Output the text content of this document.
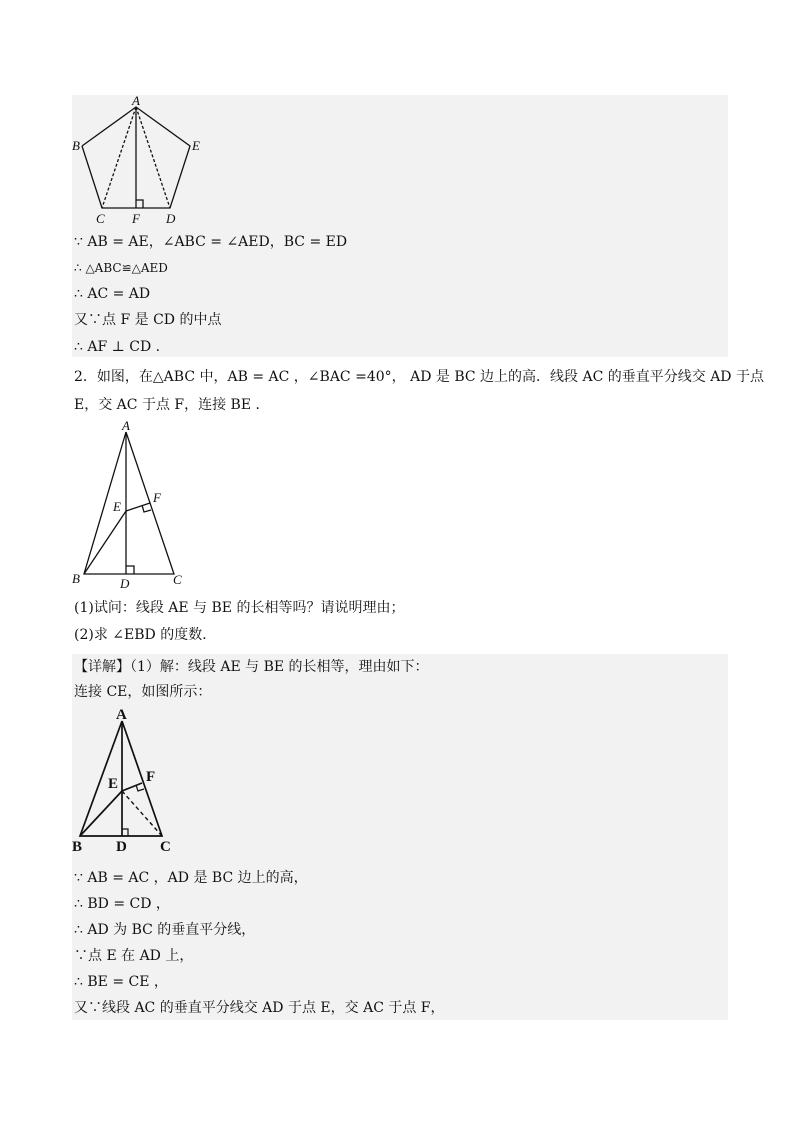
A
B
C	D
E
F
∵ AB = AE，∠ABC = ∠AED，BC = ED
∴ △ABC≌△AED
∴ AC = AD
又∵点 F 是 CD 的中点
∴ AF ⊥ CD .
2．如图，在△ABC 中，AB = AC ，∠BAC =40°， AD 是 BC 边上的高．线段 AC 的垂直平分线交 AD 于点
E，交 AC 于点 F，连接 BE ．
A
B	C
D
E
F
(1)试问：线段 AE 与 BE 的长相等吗？请说明理由；
(2)求 ∠EBD 的度数．
【详解】（1）解：线段 AE 与 BE 的长相等，理由如下：
连接 CE，如图所示：
A
B	C
D
E F
∵ AB = AC ，AD 是 BC 边上的高，
∴ BD = CD ，
∴ AD 为 BC 的垂直平分线，
∵点 E 在 AD 上，
∴ BE = CE ，
又∵线段 AC 的垂直平分线交 AD 于点 E，交 AC 于点 F，
